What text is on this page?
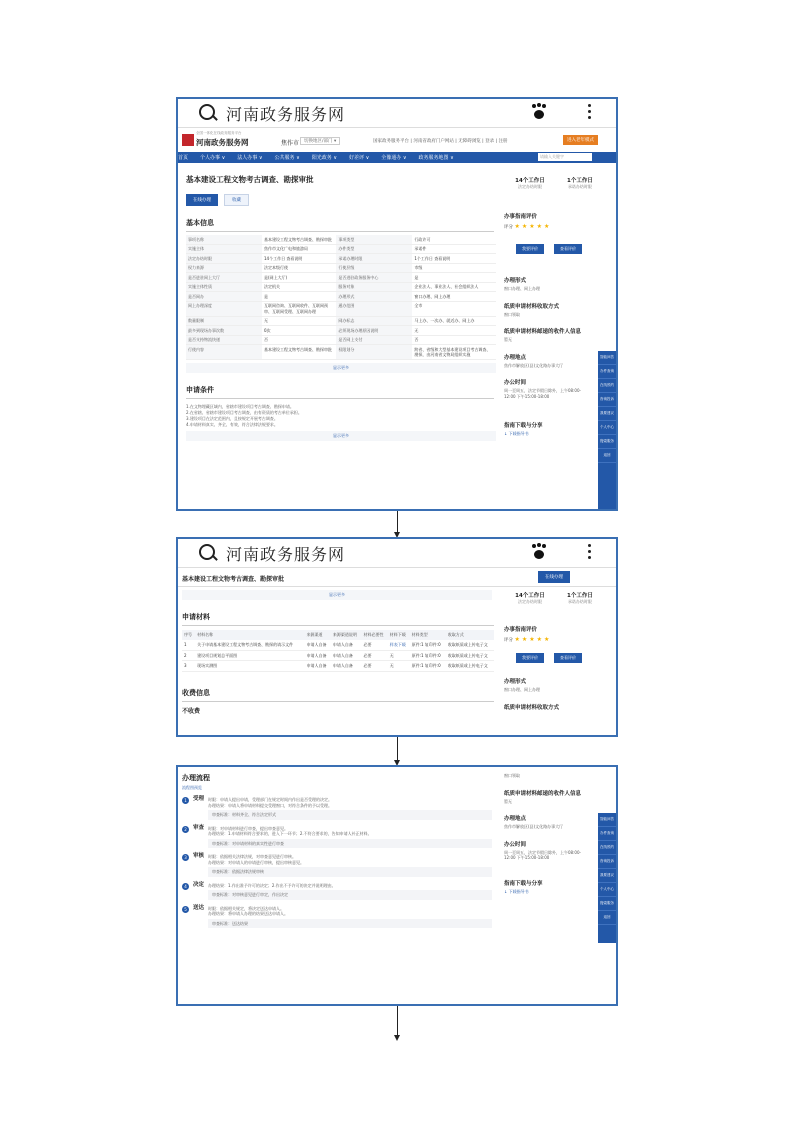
河南政务服务网
全国一体化在线政务服务平台
河南政务服务网	焦作市	切换地区/部门 ▾	国家政务服务平台 | 河南省政府门户网站 | 无障碍浏览 | 登录 | 注册	进入老年模式
首页 个人办事 ∨ 法人办事 ∨ 公共服务 ∨ 阳光政务 ∨ 好差评 ∨ 全豫通办 ∨ 政务服务地图 ∨	请输入关键字
基本建设工程文物考古调查、勘探审批
在线办理	收藏
基本信息
事项名称	基本建设工程文物考古调查、勘探审批	事项类型	行政许可
实施主体	焦作市文化广电和旅游局	办件类型	承诺件
法定办结时限	14个工作日 查看说明	承诺办理时限	1个工作日 查看说明
权力来源	法定本级行使	行使层级	市级
是否进驻网上大厅	是(网上大厅)	是否进驻政务服务中心	是
实施主体性质	法定机关	服务对象	企业法人、事业法人、社会组织法人
是否网办	是	办理形式	窗口办理、网上办理
网上办理深度	互联网咨询、互联网收件、互联网预审、互联网受理、互联网办理	通办范围	全市
数量限制	无	网办标志	马上办、一次办、就近办、网上办
最多到现场办事次数	0次	必须现场办理原因说明	无
是否支持物流快递	否	是否网上支付	否
行使内容	基本建设工程文物考古调查、勘探审批	权限划分	跨省、省级和大型基本建设项目考古调查、勘探，由河南省文物局组织实施
显示更多
申请条件
1.在文物埋藏区域内，省辖市建设项目考古调查、勘探申请。
2.在省辖、省辖市建设项目考古调查，由有资质的考古单位承担。
3.建设项目在法定范围内，且按规定开展考古调查。
4.申请材料真实、齐全、有效，符合法律法规要求。
显示更多
14个工作日
法定办结时限
1个工作日
承诺办结时限
办事指南评价
评分 ★★★★★
我要评价	查看评价
办理形式

窗口办理、网上办理

纸质申请材料收取方式

窗口领取

纸质申请材料邮递的收件人信息

暂无

办理地点

焦作市解放区(县)文化路办事大厅

办公时间

周一至周五，法定节假日除外，上午08:00-12:00 下午15:00-18:00

指南下载与分享

↓ 下载指导书

智能问答
办件查询
在线预约
咨询投诉
我要建议
个人中心
搜索服务
返回
河南政务服务网
基本建设工程文物考古调查、勘探审批	在线办理
显示更多
申请材料
序号	材料名称	来源渠道	来源渠道说明	材料必要性	材料下载	材料类型	收取方式
1	关于申请基本建设工程文物考古调查、勘探的请示文件	申请人自备	申请人自备	必要	样表下载	原件:1 复印件:0	收取纸质或上传电子文
2	建设项目规划总平面图	申请人自备	申请人自备	必要	无	原件:1 复印件:0	收取纸质或上传电子文
3	现场实测图	申请人自备	申请人自备	必要	无	原件:1 复印件:0	收取纸质或上传电子文
收费信息
不收费
14个工作日
法定办结时限
1个工作日
承诺办结时限
办事指南评价
评分 ★★★★★
我要评价	查看评价
办理形式

窗口办理、网上办理

纸质申请材料收取方式
办理流程
流程图预览
1	受理 时限：申请人提出申请，受理部门在规定时间内作出是否受理的决定。
办理结果：申请人将申请材料提交受理窗口，对符合条件的予以受理。
审查标准：材料齐全、符合法定形式
2	审查 时限：对申请材料进行审查，提出审查意见。
办理结果：1.申请材料符合要求的，进入下一环节；2.不符合要求的，告知申请人补正材料。
审查标准：对申请材料的真实性进行审查
3	审核 时限：依据相关法律法规，对审查意见进行审核。
办理结果：对申请人的申请进行审核，提出审核意见。
审查标准：依据法律法规审核
4	决定 办理结果：1.作出准予许可的决定；2.作出不予许可的决定并说明理由。
审查标准：对审核意见进行审定，作出决定
5	送达 时限：依据相关规定，将决定送达申请人。
办理结果：将申请人办理的结果送达申请人。
审查标准：送达结果

窗口领取

纸质申请材料邮递的收件人信息

暂无

办理地点

焦作市解放区(县)文化路办事大厅

办公时间

周一至周五，法定节假日除外，上午08:00-12:00 下午15:00-18:00

指南下载与分享

↓ 下载指导书

智能问答
办件查询
在线预约
咨询投诉
我要建议
个人中心
搜索服务
返回
